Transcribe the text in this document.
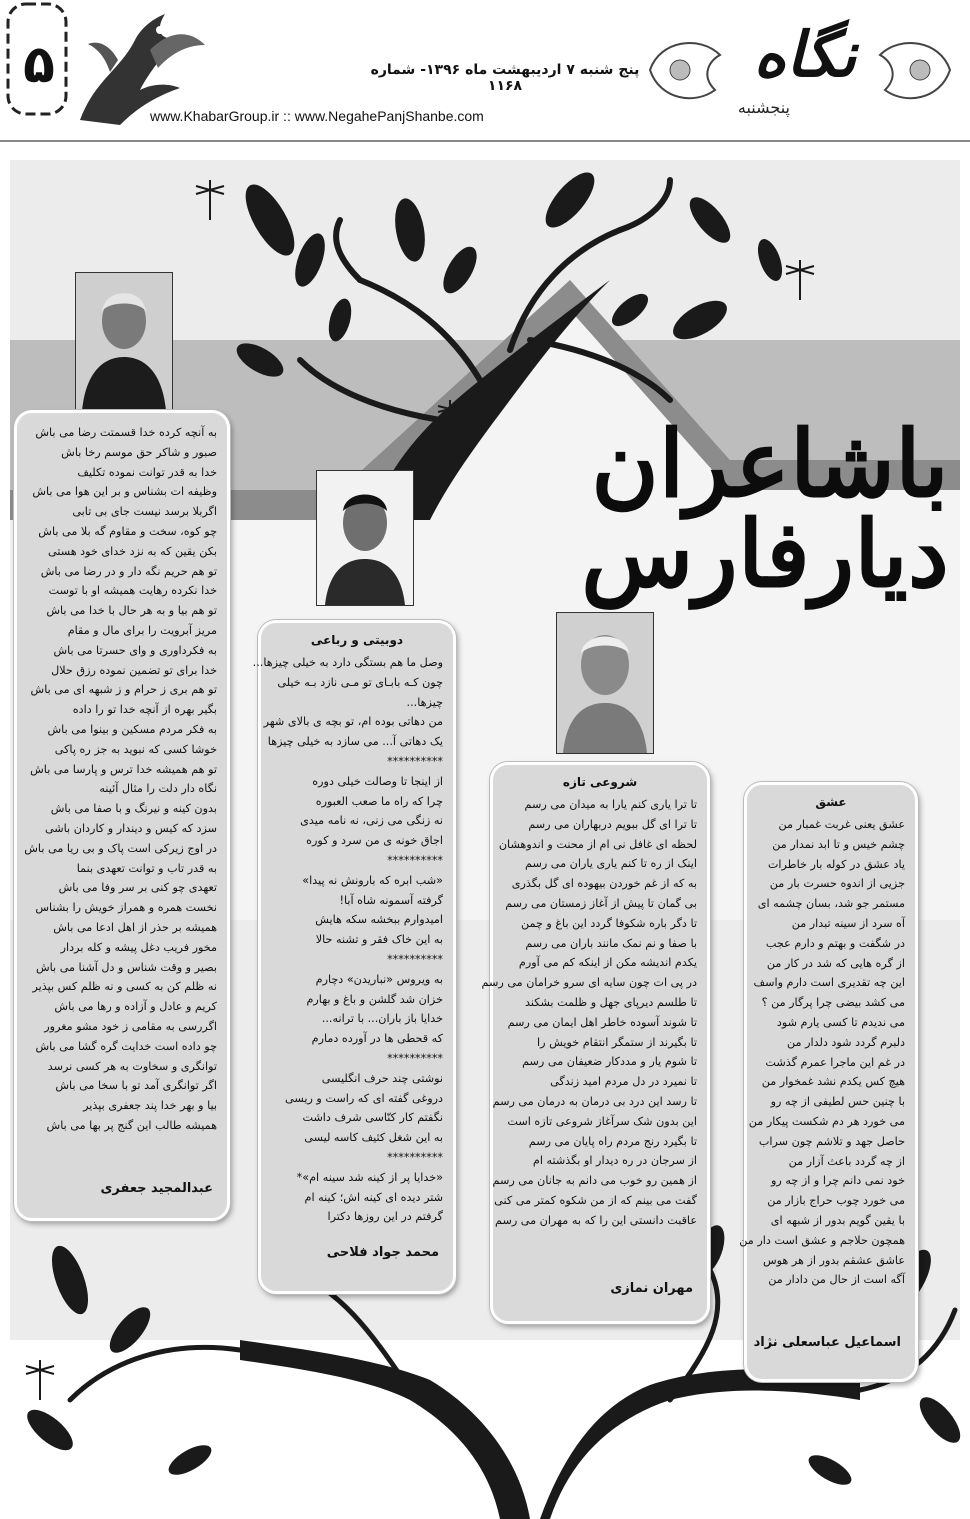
۵	پنج شنبه ۷ اردیبهشت ماه ۱۳۹۶- شماره ۱۱۶۸
www.KhabarGroup.ir :: www.NegahePanjShanbe.com
نگاه
پنجشنبه
باشاعران
دیارفارس
به آنچه کرده خدا قسمتت رضا می باش
صبور و شاکر حق موسم رخا باش
خدا به قدر توانت نموده تکلیف
وظیفه ات بشناس و بر این هوا می باش
اگربلا برسد نیست جای بی تابی
چو کوه، سخت و مقاوم گه بلا می باش
بکن یقین که به نزد خدای خود هستی
تو هم حریم نگه دار و در رضا می باش
خدا نکرده رهایت همیشه او با توست
تو هم بیا و به هر حال با خدا می باش
مریز آبرویت را برای مال و مقام
به فکرداوری و وای حسرتا می باش
خدا برای تو تضمین نموده رزق حلال
تو هم بری ز حرام و ز شبهه ای می باش
بگیر بهره از آنچه خدا تو را داده
به فکر مردم مسکین و بینوا می باش
خوشا کسی که نبوید به جز ره پاکی
تو هم همیشه خدا ترس و پارسا می باش
نگاه دار دلت را مثال آئینه
بدون کینه و نیرنگ و با صفا می باش
سزد که کیس و دیندار و کاردان باشی
در اوج زیرکی است پاک و بی ریا می باش
به قدر تاب و توانت تعهدی بنما
تعهدی چو کنی بر سر وفا می باش
نخست همره و همراز خویش را بشناس
همیشه بر حذر از اهل ادعا می باش
مخور فریب دغل پیشه و کله بردار
بصیر و وقت شناس و دل آشنا می باش
نه ظلم کن به کسی و نه ظلم کس بپذیر
کریم و عادل و آزاده و رها می باش
اگررسی به مقامی ز خود مشو مغرور
چو داده است خدایت گره گشا می باش
توانگری و سخاوت به هر کسی نرسد
اگر توانگری آمد تو با سخا می باش
بیا و بهر خدا پند جعفری بپذیر
همیشه طالب این گنج پر بها می باش
عبدالمجید جعفری
دوبیتی و رباعی
وصل ما هم بستگی دارد به خیلی چیزها...
چون کـه بابـای تو مـی نازد بـه خیلی
چیزها...
من دهاتی بوده ام، تو بچه ی بالای شهر
یک دهاتی آ... می سازد به خیلی چیزها
**********
از اینجا تا وصالت خیلی دوره
چرا که راه ما صعب العبوره
نه زنگی می زنی، نه نامه میدی
اجاق خونه ی من سرد و کوره
**********
«شب ابره که بارونش نه پیدا»
گرفته آسمونه شاه آبا!
امیدوارم ببخشه سکه هایش
به این خاک فقر و تشنه حالا
**********
به ویروس «نباریدن» دچارم
خزان شد گلشن و باغ و بهارم
خدایا باز باران... با ترانه...
که قحطی ها در آورده دمارم
**********
نوشتی چند حرف انگلیسی
دروغی گفته ای که راست و ریسی
نگفتم کار کنّاسی شرف داشت
به این شغل کثیف کاسه لیسی
**********
«خدایا پر از کینه شد سینه ام»*
شتر دیده ای کینه اش؛ کینه ام
گرفتم در این روزها دکترا
محمد جواد فلاحی
شروعی تازه
تا ترا یاری کنم یارا به میدان می رسم
تا ترا ای گل ببویم دربهاران می رسم
لحظه ای غافل نی ام از محنت و اندوهشان
اینک از ره تا کنم یاری یاران می رسم
به که از غم خوردن بیهوده ای گل بگذری
بی گمان تا پیش از آغاز زمستان می رسم
تا دگر باره شکوفا گردد این باغ و چمن
با صفا و نم نمک مانند باران می رسم
یکدم اندیشه مکن از اینکه کم می آورم
در پی ات چون سایه ای سرو خرامان می رسم
تا طلسم دیرپای جهل و ظلمت بشکند
تا شوند آسوده خاطر اهل ایمان می رسم
تا بگیرند از ستمگر انتقام خویش را
تا شوم یار و مددکار ضعیفان می رسم
تا نمیرد در دل مردم امید زندگی
تا رسد این درد بی درمان به درمان می رسم
این بدون شک سرآغاز شروعی تازه است
تا بگیرد رنج مردم راه پایان می رسم
از سرجان در ره دیدار او بگذشته ام
از همین رو خوب می دانم به جانان می رسم
گفت می بینم که از من شکوه کمتر می کنی
عاقبت دانستی این را که به مهران می رسم
مهران نمازی
عشق
عشق یعنی غربت غمبار من
چشم خیس و تا ابد نمدار من
یاد عشق در کوله بار خاطرات
جزیی از اندوه حسرت بار من
مستمر جو شد، بسان چشمه ای
آه سرد از سینه تبدار من
در شگفت و بهتم و دارم عجب
از گره هایی که شد در کار من
این چه تقدیری است دارم واسف
می کشد بیضی چرا پرگار من ؟
می ندیدم تا کسی یارم شود
دلبرم گردد شود دلدار من
در غم این ماجرا عمرم گذشت
هیچ کس یکدم نشد غمخوار من
با چنین حس لطیفی از چه رو
می خورد هر دم شکست پیکار من
حاصل جهد و تلاشم چون سراب
از چه گردد باعث آزار من
خود نمی دانم چرا و از چه رو
می خورد چوب حراج بازار من
با یقین گویم بدور از شبهه ای
همچون حلاجم و عشق است دار من
عاشق عشقم بدور از هر هوس
آگه است از حال من دادار من
اسماعیل عباسعلی نژاد
